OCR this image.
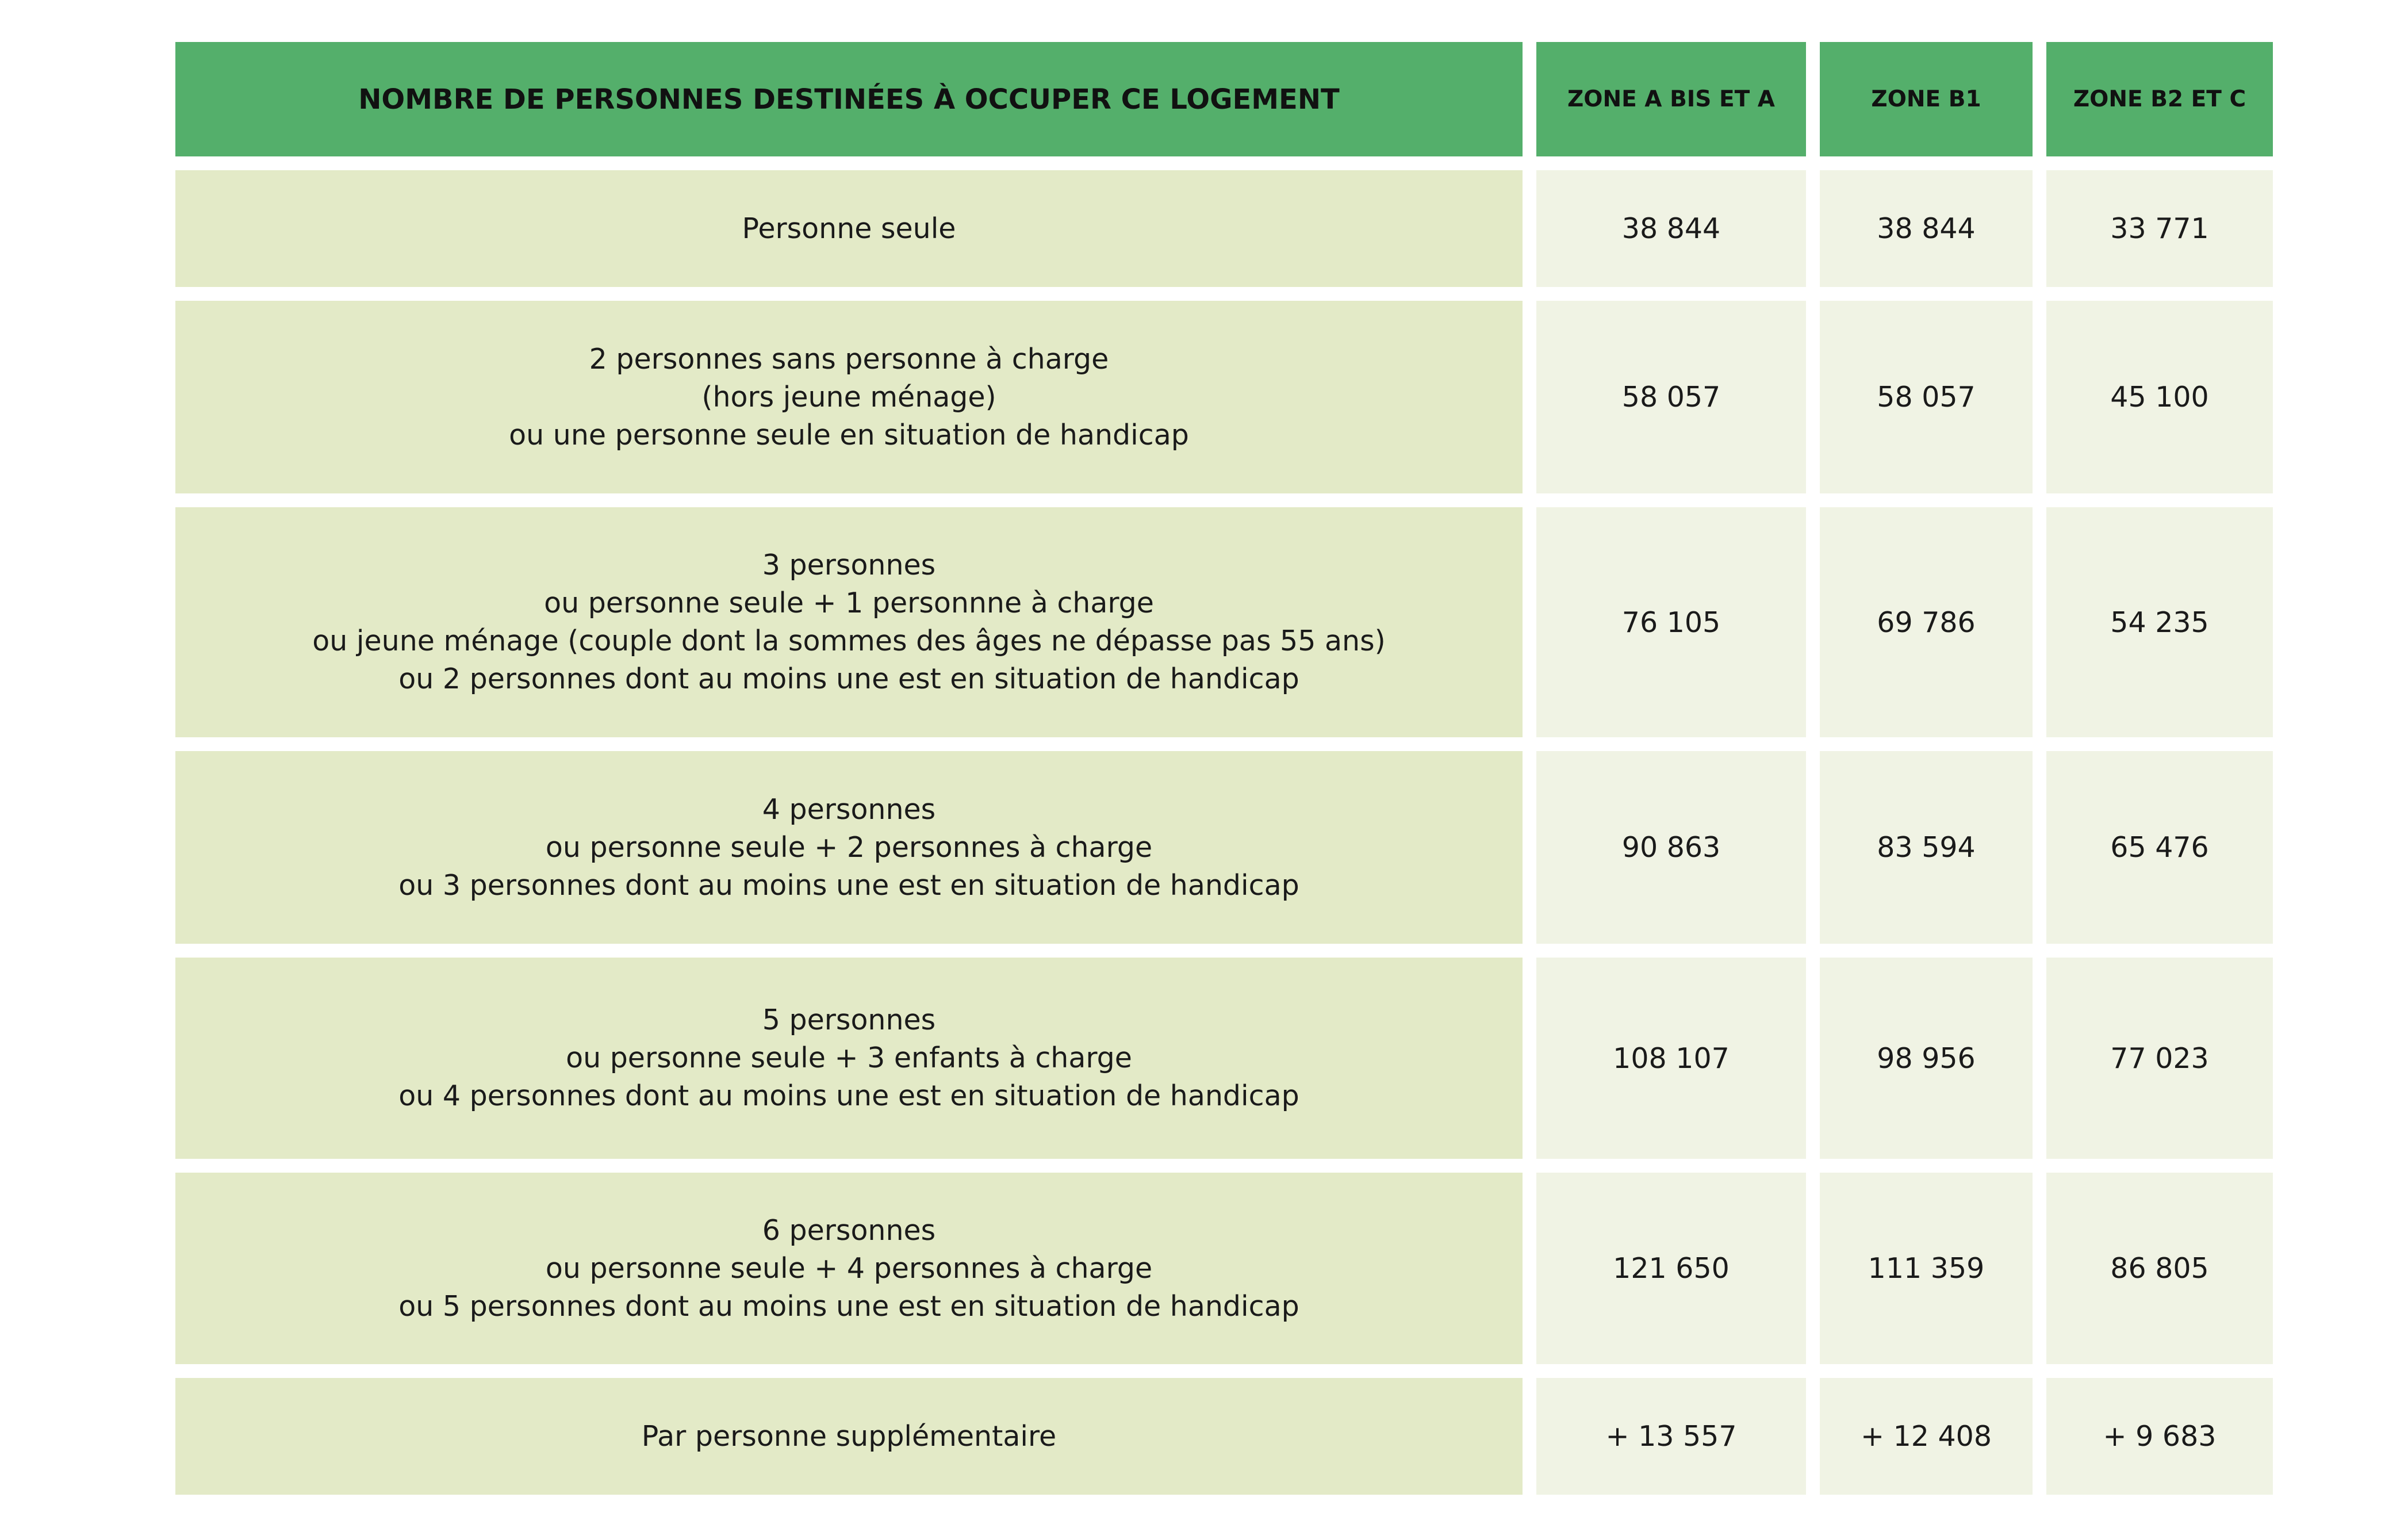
NOMBRE DE PERSONNES DESTINÉES À OCCUPER CE LOGEMENT	ZONE A BIS ET A	ZONE B1	ZONE B2 ET C
Personne seule	38 844	38 844	33 771
2 personnes sans personne à charge
(hors jeune ménage)
ou une personne seule en situation de handicap
58 057	58 057	45 100
3 personnes
ou personne seule + 1 personnne à charge
ou jeune ménage (couple dont la sommes des âges ne dépasse pas 55 ans)
ou 2 personnes dont au moins une est en situation de handicap
76 105	69 786	54 235
4 personnes
ou personne seule + 2 personnes à charge
ou 3 personnes dont au moins une est en situation de handicap
90 863	83 594	65 476
5 personnes
ou personne seule + 3 enfants à charge
ou 4 personnes dont au moins une est en situation de handicap
108 107	98 956	77 023
6 personnes
ou personne seule + 4 personnes à charge
ou 5 personnes dont au moins une est en situation de handicap
121 650	111 359	86 805
Par personne supplémentaire	+ 13 557	+ 12 408	+ 9 683
